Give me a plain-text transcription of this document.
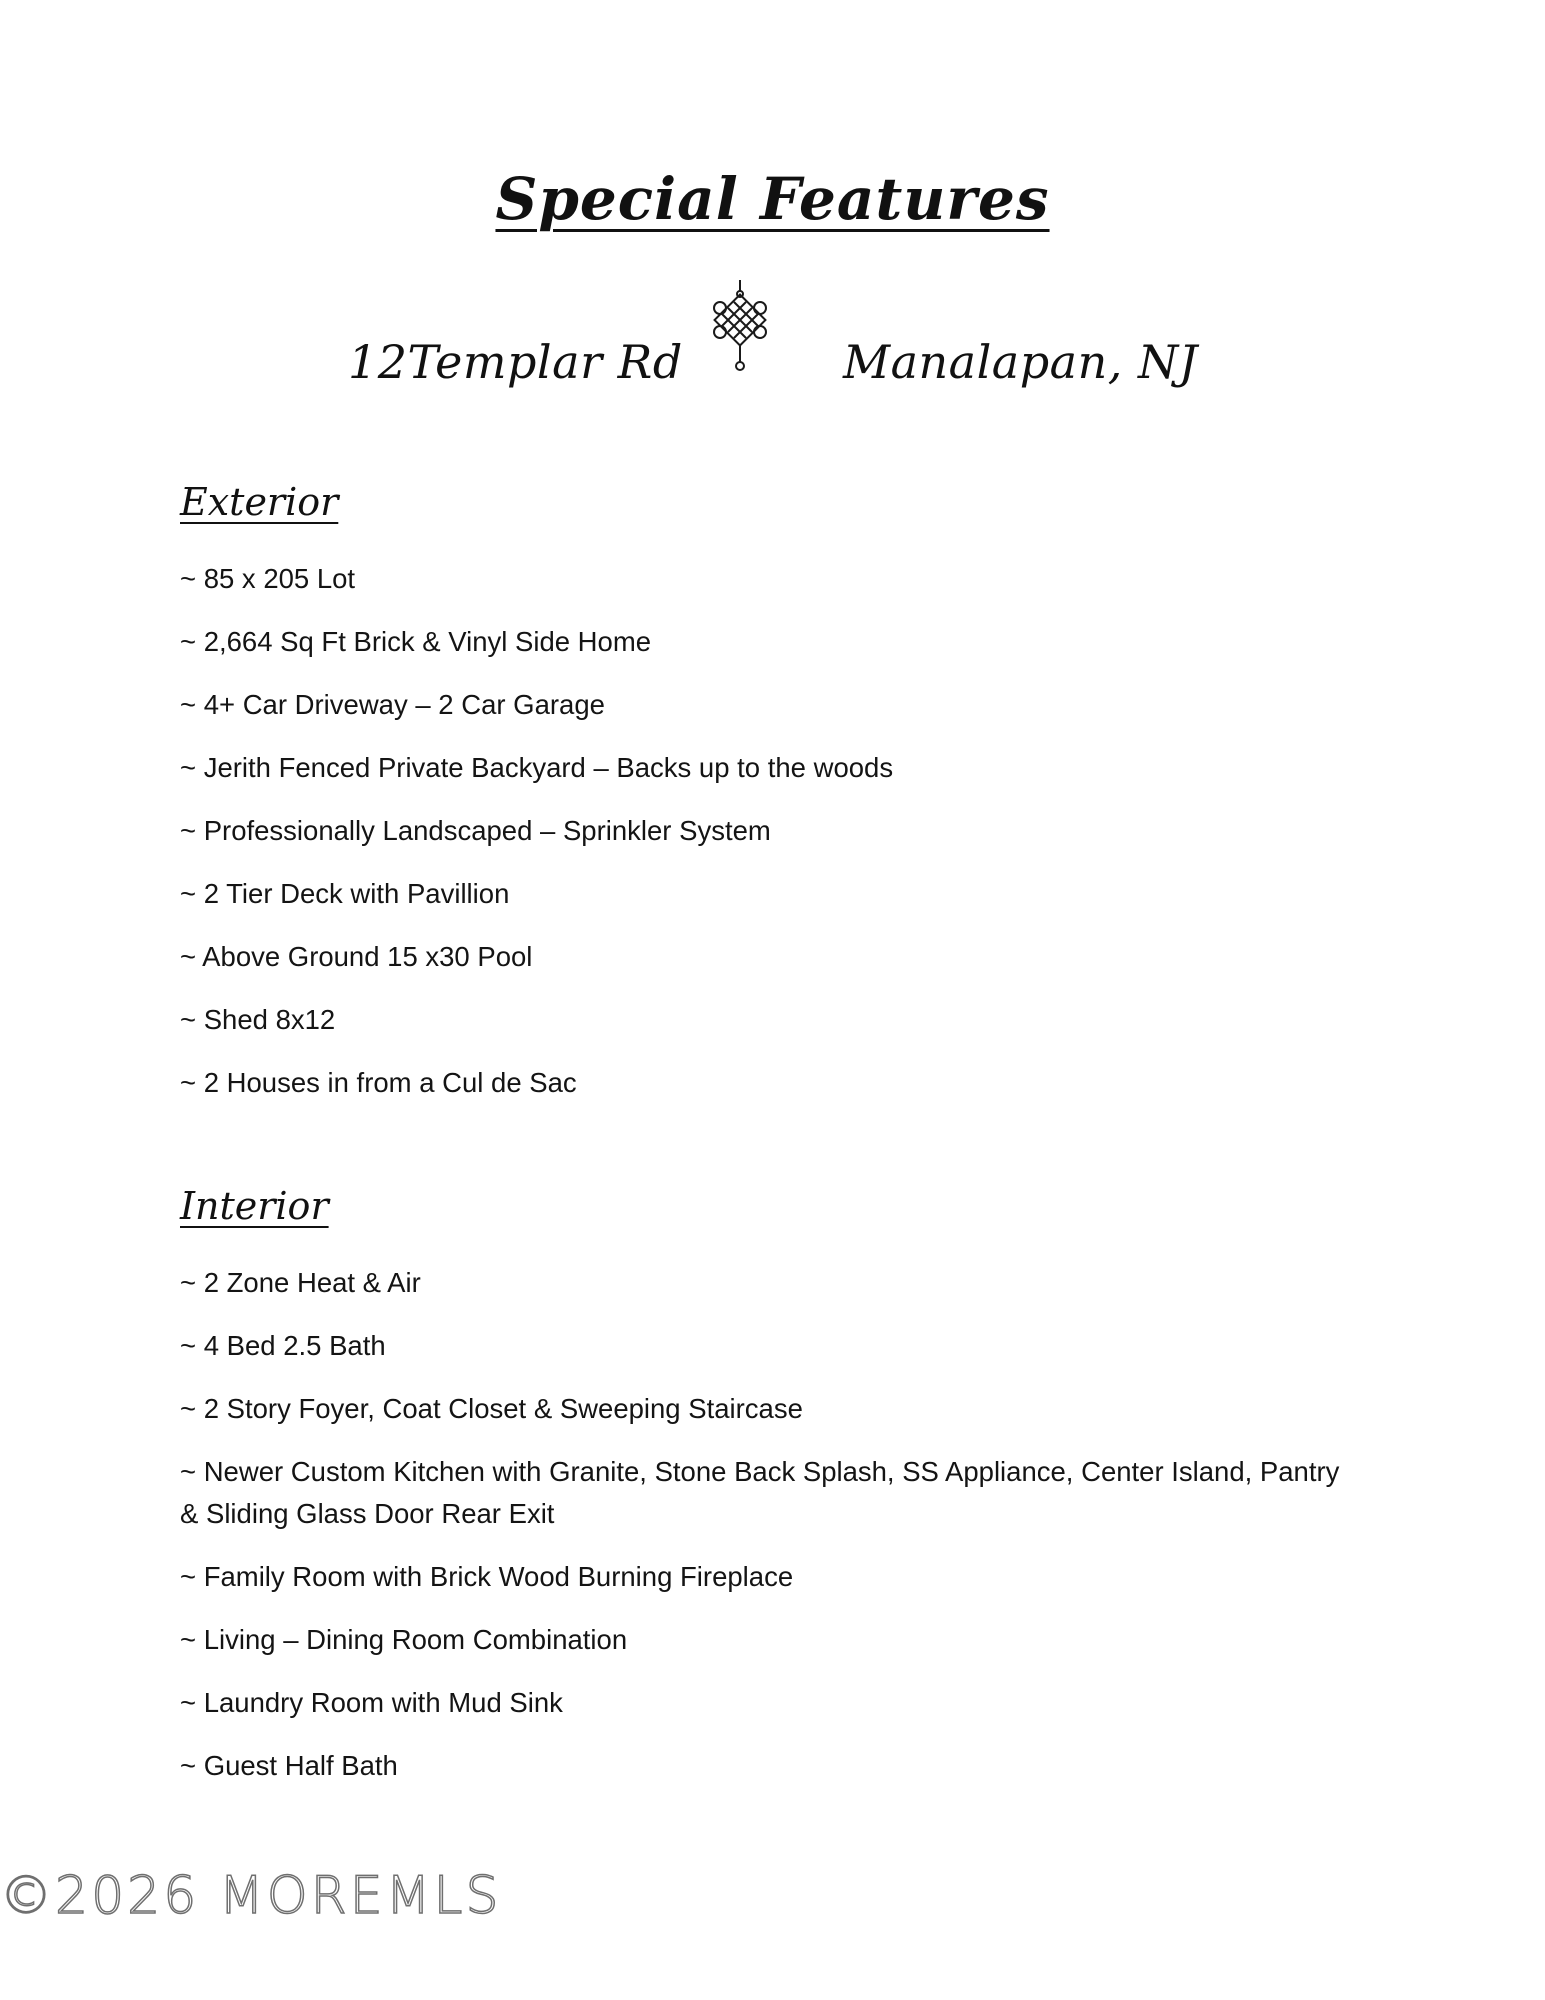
Special Features
12Templar Rd	Manalapan, NJ
Exterior
~ 85 x 205 Lot
~ 2,664 Sq Ft Brick & Vinyl Side Home
~ 4+ Car Driveway – 2 Car Garage
~ Jerith Fenced Private Backyard – Backs up to the woods
~ Professionally Landscaped – Sprinkler System
~ 2 Tier Deck with Pavillion
~ Above Ground 15 x30 Pool
~ Shed 8x12
~ 2 Houses in from a Cul de Sac
Interior
~ 2 Zone Heat & Air
~ 4 Bed 2.5 Bath
~ 2 Story Foyer, Coat Closet & Sweeping Staircase
~ Newer Custom Kitchen with Granite, Stone Back Splash, SS Appliance, Center Island, Pantry & Sliding Glass Door Rear Exit
~ Family Room with Brick Wood Burning Fireplace
~ Living – Dining Room Combination
~ Laundry Room with Mud Sink
~ Guest Half Bath
©2026 MOREMLS
